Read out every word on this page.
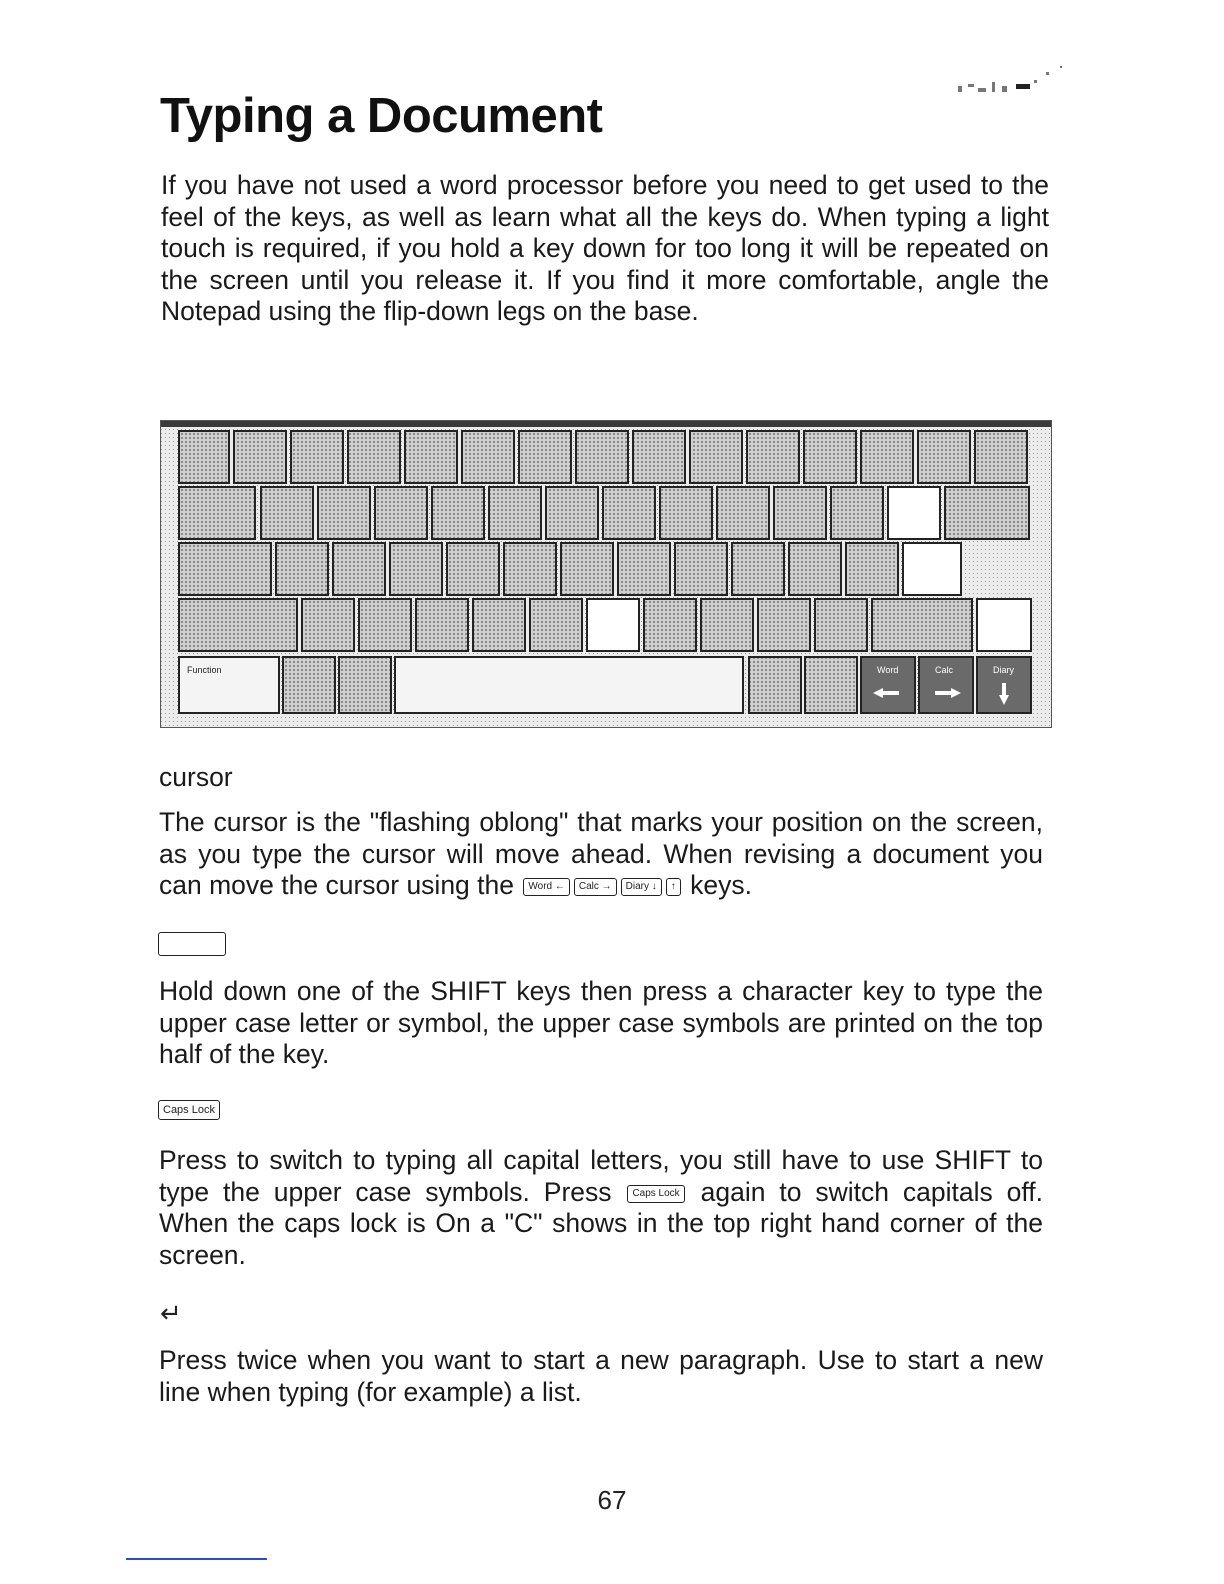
Typing a Document

If you have not used a word processor before you need to get used to the feel of the keys, as well as learn what all the keys do. When typing a light touch is required, if you hold a key down for too long it will be repeated on the screen until you release it. If you find it more comfortable, angle the Notepad using the flip-down legs on the base.

Function	Word	Calc	Diary
cursor

The cursor is the "flashing oblong" that marks your position on the screen, as you type the cursor will move ahead. When revising a document you can move the cursor using the Word ← Calc → Diary ↓ ↑ keys.

Hold down one of the SHIFT keys then press a character key to type the upper case letter or symbol, the upper case symbols are printed on the top half of the key.

Caps Lock

Press to switch to typing all capital letters, you still have to use SHIFT to type the upper case symbols. Press Caps Lock again to switch capitals off. When the caps lock is On a "C" shows in the top right hand corner of the screen.

↵

Press twice when you want to start a new paragraph. Use to start a new line when typing (for example) a list.

67
